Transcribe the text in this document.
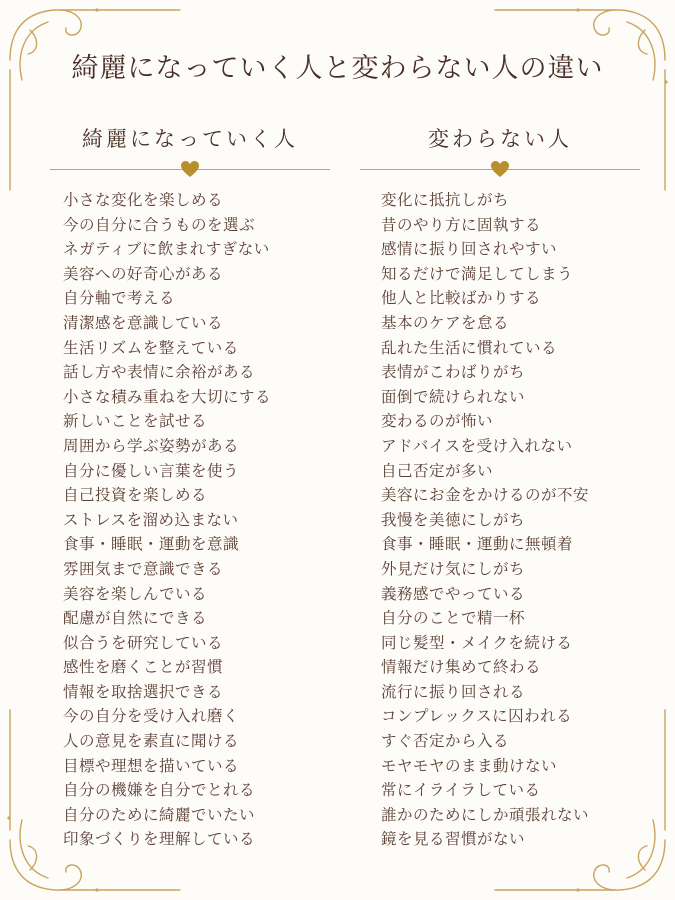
綺麗になっていく人と変わらない人の違い
綺麗になっていく人
小さな変化を楽しめる
今の自分に合うものを選ぶ
ネガティブに飲まれすぎない
美容への好奇心がある
自分軸で考える
清潔感を意識している
生活リズムを整えている
話し方や表情に余裕がある
小さな積み重ねを大切にする
新しいことを試せる
周囲から学ぶ姿勢がある
自分に優しい言葉を使う
自己投資を楽しめる
ストレスを溜め込まない
食事・睡眠・運動を意識
雰囲気まで意識できる
美容を楽しんでいる
配慮が自然にできる
似合うを研究している
感性を磨くことが習慣
情報を取捨選択できる
今の自分を受け入れ磨く
人の意見を素直に聞ける
目標や理想を描いている
自分の機嫌を自分でとれる
自分のために綺麗でいたい
印象づくりを理解している
変わらない人
変化に抵抗しがち
昔のやり方に固執する
感情に振り回されやすい
知るだけで満足してしまう
他人と比較ばかりする
基本のケアを怠る
乱れた生活に慣れている
表情がこわばりがち
面倒で続けられない
変わるのが怖い
アドバイスを受け入れない
自己否定が多い
美容にお金をかけるのが不安
我慢を美徳にしがち
食事・睡眠・運動に無頓着
外見だけ気にしがち
義務感でやっている
自分のことで精一杯
同じ髪型・メイクを続ける
情報だけ集めて終わる
流行に振り回される
コンプレックスに囚われる
すぐ否定から入る
モヤモヤのまま動けない
常にイライラしている
誰かのためにしか頑張れない
鏡を見る習慣がない
